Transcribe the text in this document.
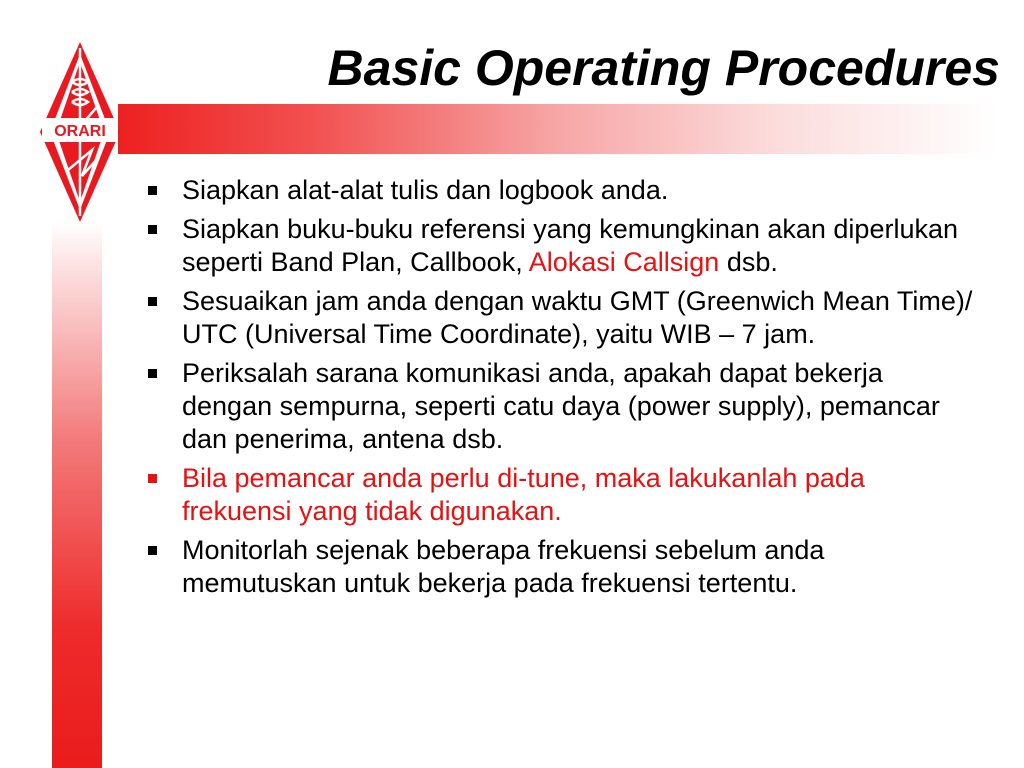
ORARI
Basic Operating Procedures
Siapkan alat-alat tulis dan logbook anda.
Siapkan buku-buku referensi yang kemungkinan akan diperlukan seperti Band Plan, Callbook, Alokasi Callsign dsb.
Sesuaikan jam anda dengan waktu GMT (Greenwich Mean Time)/ UTC (Universal Time Coordinate), yaitu WIB – 7 jam.
Periksalah sarana komunikasi anda, apakah dapat bekerja dengan sempurna, seperti catu daya (power supply), pemancar dan penerima, antena dsb.
Bila pemancar anda perlu di-tune, maka lakukanlah pada frekuensi yang tidak digunakan.
Monitorlah sejenak beberapa frekuensi sebelum anda memutuskan untuk bekerja pada frekuensi tertentu.
